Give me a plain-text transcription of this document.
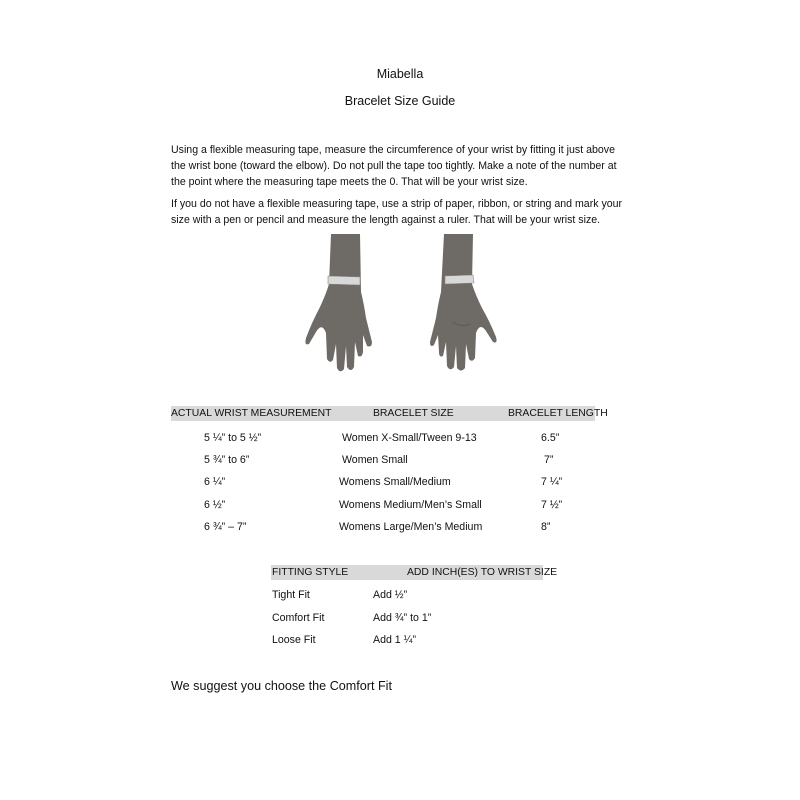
Miabella
Bracelet Size Guide
Using a flexible measuring tape, measure the circumference of your wrist by fitting it just above
the wrist bone (toward the elbow). Do not pull the tape too tightly. Make a note of the number at
the point where the measuring tape meets the 0. That will be your wrist size.
If you do not have a flexible measuring tape, use a strip of paper, ribbon, or string and mark your
size with a pen or pencil and measure the length against a ruler. That will be your wrist size.
ACTUAL WRIST MEASUREMENT	BRACELET SIZE	BRACELET LENGTH
5 ¼” to 5 ½”	Women X-Small/Tween 9-13	6.5”
5 ¾” to 6”	Women Small	7”
6 ¼”	Womens Small/Medium	7 ¼”
6 ½”	Womens Medium/Men’s Small	7 ½”
6 ¾” – 7”	Womens Large/Men’s Medium	8”
FITTING STYLE	ADD INCH(ES) TO WRIST SIZE
Tight Fit	Add ½”
Comfort Fit	Add ¾” to 1”
Loose Fit	Add 1 ¼”
We suggest you choose the Comfort Fit
